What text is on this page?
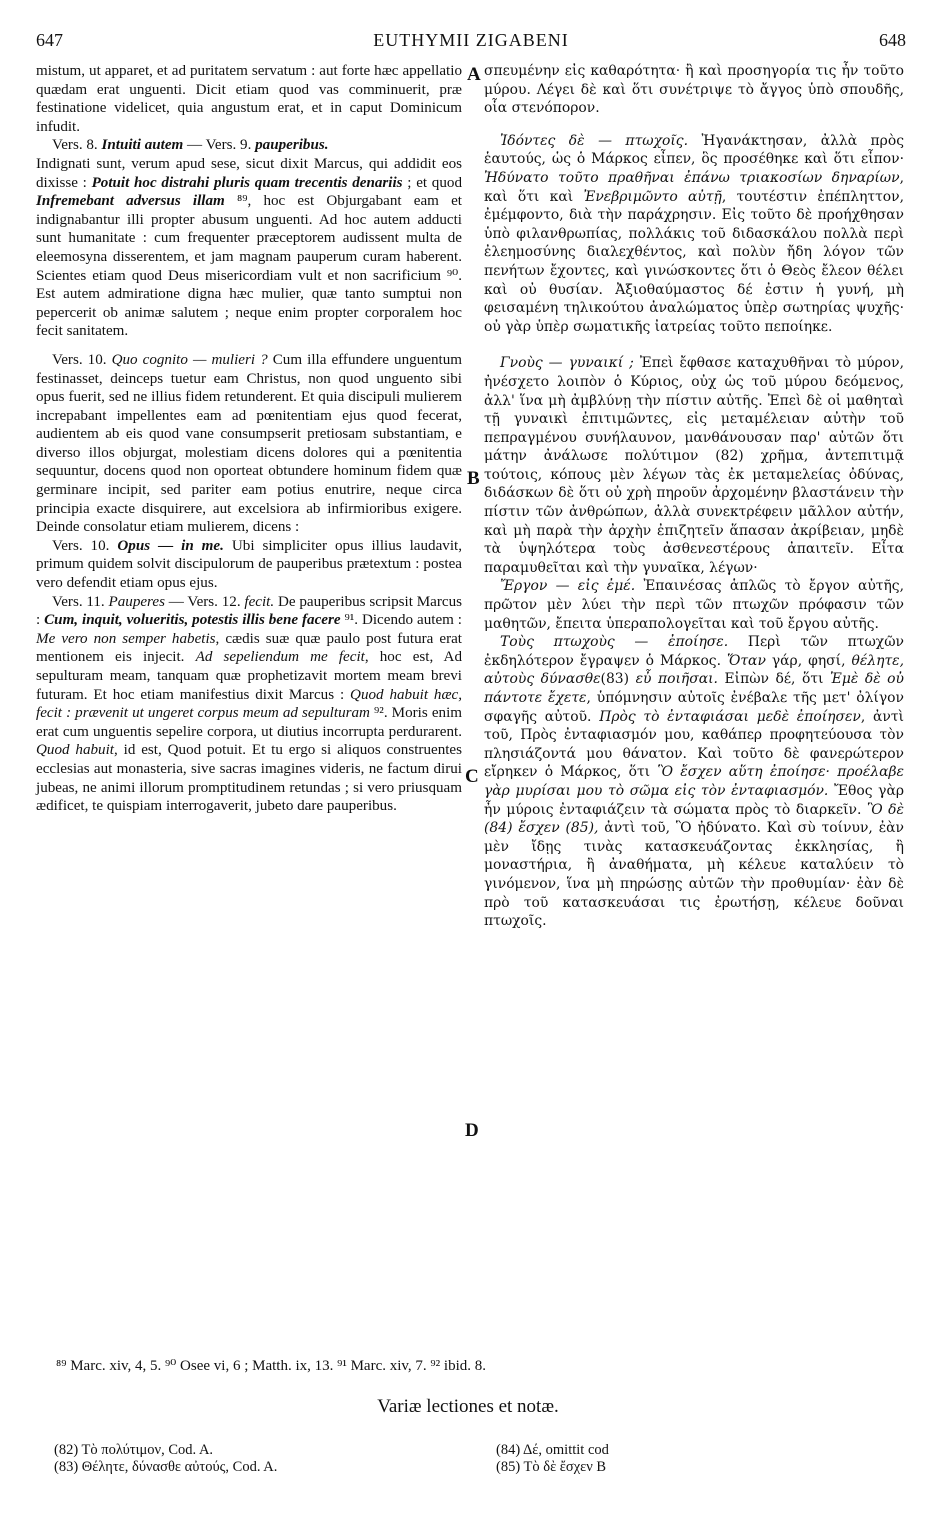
647	EUTHYMII ZIGABENI	648

mistum, ut apparet, et ad puritatem servatum : aut forte hæc appellatio quædam erat unguenti. Dicit etiam quod vas comminuerit, præ festinatione videlicet, quia angustum erat, et in caput Dominicum infudit.

Vers. 8. Intuiti autem — Vers. 9. pauperibus.

Indignati sunt, verum apud sese, sicut dixit Marcus, qui addidit eos dixisse : Potuit hoc distrahi pluris quam trecentis denariis ; et quod Infremebant adversus illam ⁸⁹, hoc est Objurgabant eam et indignabantur illi propter abusum unguenti. Ad hoc autem adducti sunt humanitate : cum frequenter præceptorem audissent multa de eleemosyna disserentem, et jam magnam pauperum curam haberent. Scientes etiam quod Deus misericordiam vult et non sacrificium ⁹⁰. Est autem admiratione digna hæc mulier, quæ tanto sumptui non pepercerit ob animæ salutem ; neque enim propter corporalem hoc fecit sanitatem.

Vers. 10. Quo cognito — mulieri ? Cum illa effundere unguentum festinasset, deinceps tuetur eam Christus, non quod unguento sibi opus fuerit, sed ne illius fidem retunderent. Et quia discipuli mulierem increpabant impellentes eam ad pœnitentiam ejus quod fecerat, audientem ab eis quod vane consumpserit pretiosam substantiam, e diverso illos objurgat, molestiam dicens dolores qui a pœnitentia sequuntur, docens quod non oporteat obtundere hominum fidem quæ germinare incipit, sed pariter eam potius enutrire, neque circa principia exacte disquirere, aut excelsiora ab infirmioribus exigere. Deinde consolatur etiam mulierem, dicens :

Vers. 10. Opus — in me. Ubi simpliciter opus illius laudavit, primum quidem solvit discipulorum de pauperibus prætextum : postea vero defendit etiam opus ejus.

Vers. 11. Pauperes — Vers. 12. fecit. De pauperibus scripsit Marcus : Cum, inquit, volueritis, potestis illis bene facere ⁹¹. Dicendo autem : Me vero non semper habetis, cædis suæ quæ paulo post futura erat mentionem eis injecit. Ad sepeliendum me fecit, hoc est, Ad sepulturam meam, tanquam quæ prophetizavit mortem meam brevi futuram. Et hoc etiam manifestius dixit Marcus : Quod habuit hæc, fecit : prævenit ut ungeret corpus meum ad sepulturam ⁹². Moris enim erat cum unguentis sepelire corpora, ut diutius incorrupta perdurarent. Quod habuit, id est, Quod potuit. Et tu ergo si aliquos construentes ecclesias aut monasteria, sive sacras imagines videris, ne factum dirui jubeas, ne animi illorum promptitudinem retundas ; si vero priusquam ædificet, te quispiam interrogaverit, jubeto dare pauperibus.

A
B
C
D

σπευμένην εἰς καθαρότητα· ἢ καὶ προσηγορία τις ἦν τοῦτο μύρου. Λέγει δὲ καὶ ὅτι συνέτριψε τὸ ἄγγος ὑπὸ σπουδῆς, οἷα στενόπορον.

Ἰδόντες δὲ — πτωχοῖς. Ἠγανάκτησαν, ἀλλὰ πρὸς ἑαυτούς, ὡς ὁ Μάρκος εἶπεν, ὃς προσέθηκε καὶ ὅτι εἶπον· Ἠδύνατο τοῦτο πραθῆναι ἐπάνω τριακοσίων δηναρίων, καὶ ὅτι καὶ Ἐνεβριμῶντο αὐτῇ, τουτέστιν ἐπέπληττον, ἐμέμφοντο, διὰ τὴν παράχρησιν. Εἰς τοῦτο δὲ προήχθησαν ὑπὸ φιλανθρωπίας, πολλάκις τοῦ διδασκάλου πολλὰ περὶ ἐλεημοσύνης διαλεχθέντος, καὶ πολὺν ἤδη λόγον τῶν πενήτων ἔχοντες, καὶ γινώσκοντες ὅτι ὁ Θεὸς ἔλεον θέλει καὶ οὐ θυσίαν. Ἀξιοθαύμαστος δέ ἐστιν ἡ γυνή, μὴ φεισαμένη τηλικούτου ἀναλώματος ὑπὲρ σωτηρίας ψυχῆς· οὐ γὰρ ὑπὲρ σωματικῆς ἰατρείας τοῦτο πεποίηκε.

Γνοὺς — γυναικί ; Ἐπεὶ ἔφθασε καταχυθῆναι τὸ μύρον, ἠνέσχετο λοιπὸν ὁ Κύριος, οὐχ ὡς τοῦ μύρου δεόμενος, ἀλλ' ἵνα μὴ ἀμβλύνῃ τὴν πίστιν αὐτῆς. Ἐπεὶ δὲ οἱ μαθηταὶ τῇ γυναικὶ ἐπιτιμῶντες, εἰς μεταμέλειαν αὐτὴν τοῦ πεπραγμένου συνήλαυνον, μανθάνουσαν παρ' αὐτῶν ὅτι μάτην ἀνάλωσε πολύτιμον (82) χρῆμα, ἀντεπιτιμᾷ τούτοις, κόπους μὲν λέγων τὰς ἐκ μεταμελείας ὀδύνας, διδάσκων δὲ ὅτι οὐ χρὴ πηροῦν ἀρχομένην βλαστάνειν τὴν πίστιν τῶν ἀνθρώπων, ἀλλὰ συνεκτρέφειν μᾶλλον αὐτήν, καὶ μὴ παρὰ τὴν ἀρχὴν ἐπιζητεῖν ἅπασαν ἀκρίβειαν, μηδὲ τὰ ὑψηλότερα τοὺς ἀσθενεστέρους ἀπαιτεῖν. Εἶτα παραμυθεῖται καὶ τὴν γυναῖκα, λέγων·

Ἔργον — εἰς ἐμέ. Ἐπαινέσας ἁπλῶς τὸ ἔργον αὐτῆς, πρῶτον μὲν λύει τὴν περὶ τῶν πτωχῶν πρόφασιν τῶν μαθητῶν, ἔπειτα ὑπεραπολογεῖται καὶ τοῦ ἔργου αὐτῆς.

Τοὺς πτωχοὺς — ἐποίησε. Περὶ τῶν πτωχῶν ἐκδηλότερον ἔγραψεν ὁ Μάρκος. Ὅταν γάρ, φησί, θέλητε, αὐτοὺς δύνασθε(83) εὖ ποιῆσαι. Εἰπὼν δέ, ὅτι Ἐμὲ δὲ οὐ πάντοτε ἔχετε, ὑπόμνησιν αὐτοῖς ἐνέβαλε τῆς μετ' ὀλίγον σφαγῆς αὐτοῦ. Πρὸς τὸ ἐνταφιάσαι μεδὲ ἐποίησεν, ἀντὶ τοῦ, Πρὸς ἐνταφιασμόν μου, καθάπερ προφητεύουσα τὸν πλησιάζοντά μου θάνατον. Καὶ τοῦτο δὲ φανερώτερον εἴρηκεν ὁ Μάρκος, ὅτι Ὃ ἔσχεν αὕτη ἐποίησε· προέλαβε γὰρ μυρίσαι μου τὸ σῶμα εἰς τὸν ἐνταφιασμόν. Ἔθος γὰρ ἦν μύροις ἐνταφιάζειν τὰ σώματα πρὸς τὸ διαρκεῖν. Ὃ δὲ (84) ἔσχεν (85), ἀντὶ τοῦ, Ὃ ἠδύνατο. Καὶ σὺ τοίνυν, ἐὰν μὲν ἴδῃς τινὰς κατασκευάζοντας ἐκκλησίας, ἢ μοναστήρια, ἢ ἀναθήματα, μὴ κέλευε καταλύειν τὸ γινόμενον, ἵνα μὴ πηρώσῃς αὐτῶν τὴν προθυμίαν· ἐὰν δὲ πρὸ τοῦ κατασκευάσαι τις ἐρωτήσῃ, κέλευε δοῦναι πτωχοῖς.

⁸⁹ Marc. xiv, 4, 5. ⁹⁰ Osee vi, 6 ; Matth. ix, 13. ⁹¹ Marc. xiv, 7. ⁹² ibid. 8.
Variæ lectiones et notæ.
(82) Τὸ πολύτιμον, Cod. A.
(83) Θέλητε, δύνασθε αὐτούς, Cod. A.
(84) Δέ, omittit cod
(85) Τὸ δὲ ἔσχεν B
